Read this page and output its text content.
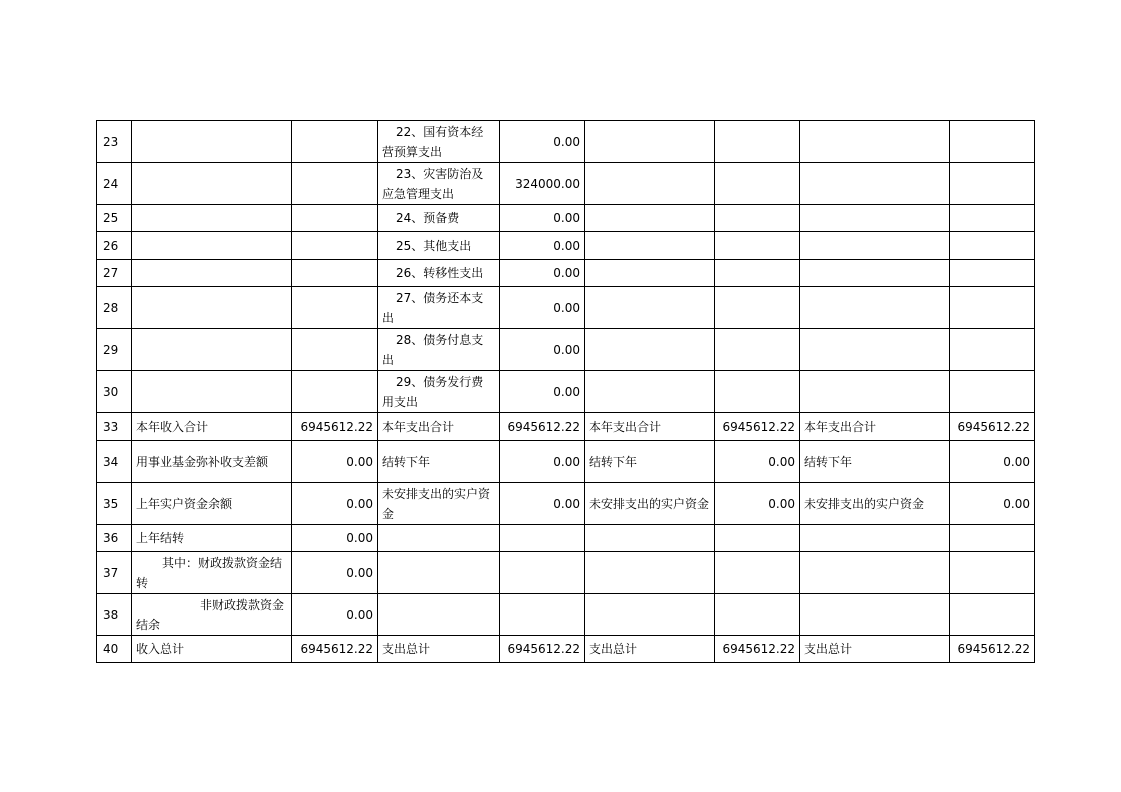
23			22、国有资本经营预算支出	0.00				
24			23、灾害防治及应急管理支出	324000.00				
25			24、预备费	0.00				
26			25、其他支出	0.00				
27			26、转移性支出	0.00				
28			27、债务还本支出	0.00				
29			28、债务付息支出	0.00				
30			29、债务发行费用支出	0.00				
33	本年收入合计	6945612.22	本年支出合计	6945612.22	本年支出合计	6945612.22	本年支出合计	6945612.22
34	用事业基金弥补收支差额	0.00	结转下年	0.00	结转下年	0.00	结转下年	0.00
35	上年实户资金余额	0.00	未安排支出的实户资金	0.00	未安排支出的实户资金	0.00	未安排支出的实户资金	0.00
36	上年结转	0.00						
37	其中：财政拨款资金结转	0.00						
38	非财政拨款资金结余	0.00						
40	收入总计	6945612.22	支出总计	6945612.22	支出总计	6945612.22	支出总计	6945612.22
